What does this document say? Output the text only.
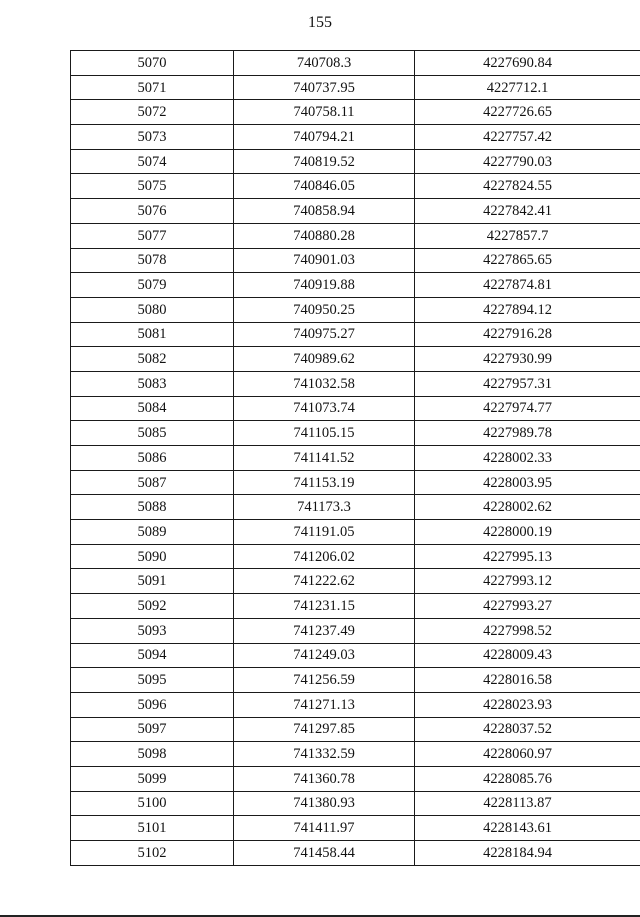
155
5070	740708.3	4227690.84
5071	740737.95	4227712.1
5072	740758.11	4227726.65
5073	740794.21	4227757.42
5074	740819.52	4227790.03
5075	740846.05	4227824.55
5076	740858.94	4227842.41
5077	740880.28	4227857.7
5078	740901.03	4227865.65
5079	740919.88	4227874.81
5080	740950.25	4227894.12
5081	740975.27	4227916.28
5082	740989.62	4227930.99
5083	741032.58	4227957.31
5084	741073.74	4227974.77
5085	741105.15	4227989.78
5086	741141.52	4228002.33
5087	741153.19	4228003.95
5088	741173.3	4228002.62
5089	741191.05	4228000.19
5090	741206.02	4227995.13
5091	741222.62	4227993.12
5092	741231.15	4227993.27
5093	741237.49	4227998.52
5094	741249.03	4228009.43
5095	741256.59	4228016.58
5096	741271.13	4228023.93
5097	741297.85	4228037.52
5098	741332.59	4228060.97
5099	741360.78	4228085.76
5100	741380.93	4228113.87
5101	741411.97	4228143.61
5102	741458.44	4228184.94
